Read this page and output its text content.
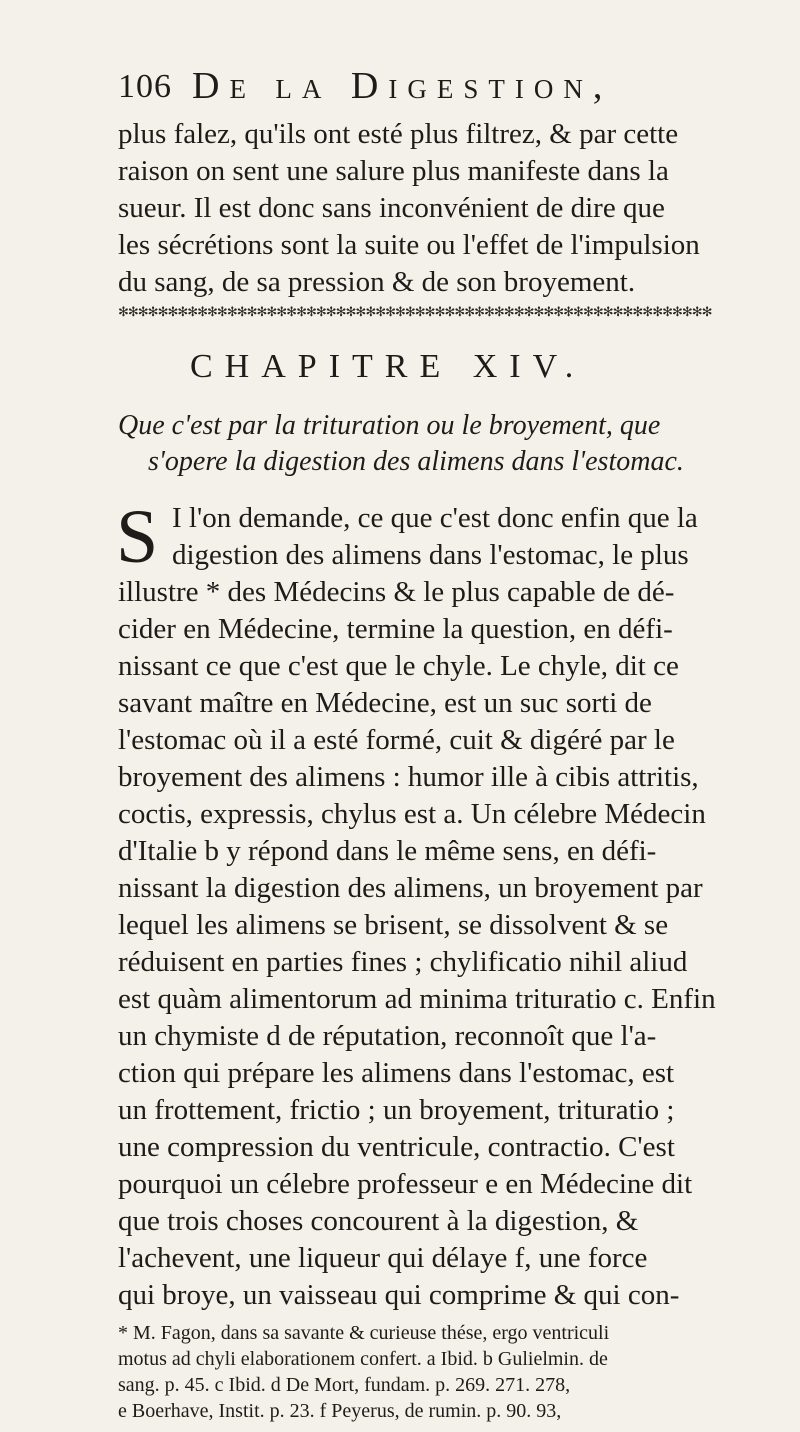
106 De la Digestion,
plus falez, qu'ils ont esté plus filtrez, & par cette
raison on sent une salure plus manifeste dans la
sueur. Il est donc sans inconvénient de dire que
les sécrétions sont la suite ou l'effet de l'impulsion
du sang, de sa pression & de son broyement.
✻✻✻✻✻✻✻✻✻✻✻✻✻✻✻✻✻✻✻✻✻✻✻✻✻✻✻✻✻✻✻✻✻✻✻✻✻✻✻✻✻✻✻✻✻✻✻✻✻✻✻✻✻✻✻✻✻✻✻✻
CHAPITRE XIV.
Que c'est par la trituration ou le broyement, que
s'opere la digestion des alimens dans l'estomac.
S I l'on demande, ce que c'est donc enfin que la
digestion des alimens dans l'estomac, le plus
illustre * des Médecins & le plus capable de dé-
cider en Médecine, termine la question, en défi-
nissant ce que c'est que le chyle. Le chyle, dit ce
savant maître en Médecine, est un suc sorti de
l'estomac où il a esté formé, cuit & digéré par le
broyement des alimens : humor ille à cibis attritis,
coctis, expressis, chylus est a. Un célebre Médecin
d'Italie b y répond dans le même sens, en défi-
nissant la digestion des alimens, un broyement par
lequel les alimens se brisent, se dissolvent & se
réduisent en parties fines ; chylificatio nihil aliud
est quàm alimentorum ad minima trituratio c. Enfin
un chymiste d de réputation, reconnoît que l'a-
ction qui prépare les alimens dans l'estomac, est
un frottement, frictio ; un broyement, trituratio ;
une compression du ventricule, contractio. C'est
pourquoi un célebre professeur e en Médecine dit
que trois choses concourent à la digestion, &
l'achevent, une liqueur qui délaye f, une force
qui broye, un vaisseau qui comprime & qui con-
* M. Fagon, dans sa savante & curieuse thése, ergo ventriculi
motus ad chyli elaborationem confert. a Ibid. b Gulielmin. de
sang. p. 45. c Ibid. d De Mort, fundam. p. 269. 271. 278,
e Boerhave, Instit. p. 23. f Peyerus, de rumin. p. 90. 93,
